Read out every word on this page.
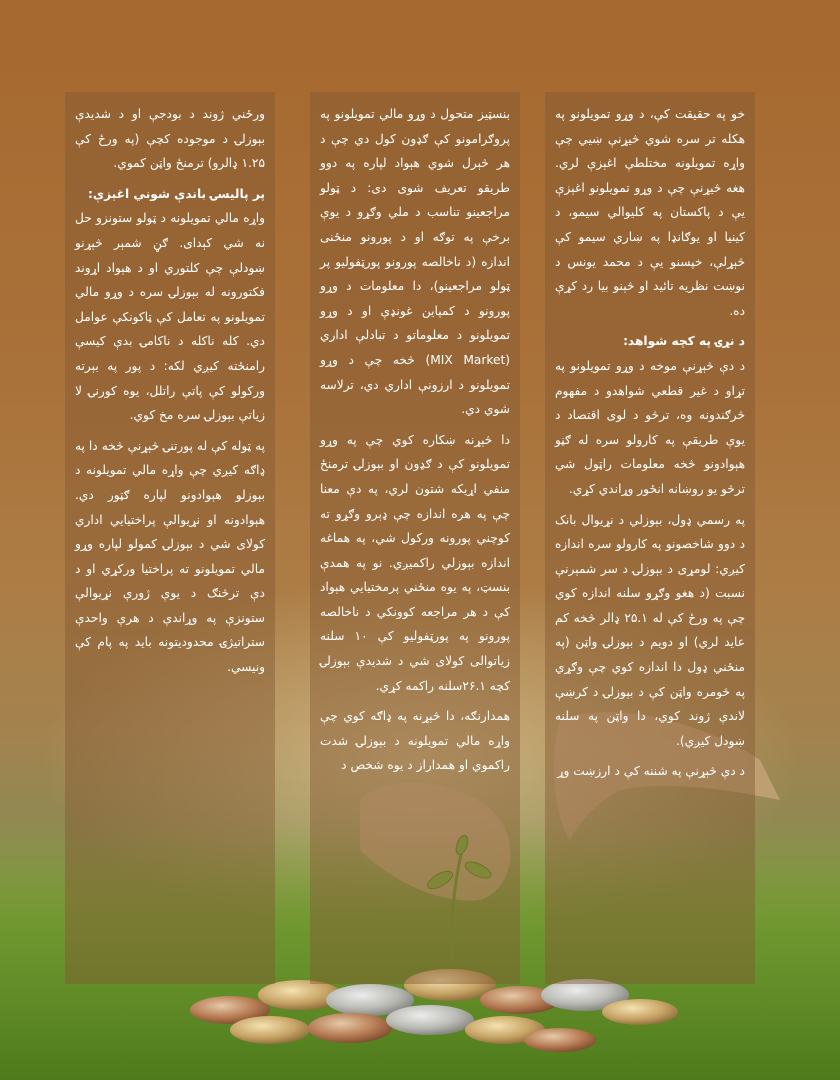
خو په حقیقت کې، د وړو تمویلونو په هکله تر سره شوي څیړنې ښيي چې واړه تمویلونه مختلطې اغېزې لري. هغه څیړنې چې د وړو تمویلونو اغېزې یې د پاکستان په کلیوالي سیمو، د کینیا او یوګانډا په ښاري سیمو کې څېړلې، خپسنو یې د محمد یونس د نوښت نظریه تائید او څېنو بیا رد کړې ده.

د نړۍ په کچه شواهد:

د دې څېړنې موخه د وړو تمویلونو په تړاو د غیر قطعي شواهدو د مفهوم څرګندونه وه، ترڅو د لوی اقتصاد د یوې طریقې په کارولو سره له ګڼو هېوادونو څخه معلومات راټول شي ترڅو یو روښانه انځور وړاندي کړي.

په رسمي ډول، بېوزلي د نړیوال بانک د دوو شاخصونو په کارولو سره اندازه کیږي: لومړی د بېوزلۍ د سر شمېرنې نسبت (د هغو وګړو سلنه اندازه کوي چې په ورځ کې له ۲۵.۱ ډالر څخه کم عاید لري) او دویم د بېوزلۍ واټن (په منځني ډول دا اندازه کوي چې وګړي په څومره واټن کې د بېوزلۍ د کرښې لاندې ژوند کوي، دا واټن په سلنه ښودل کیږي).

د دې څېړنې په شننه کې د ارزښت وړ

بنسټیز متحول د وړو مالي تمویلونو په پروګرامونو کې ګډون کول دي چې د هر څېرل شوي هېواد لپاره په دوو طریقو تعریف شوی دی: د ټولو مراجعینو تناسب د ملي وګړو د یوې برخې په توګه او د پورونو منځنی اندازه (د ناخالصه پورونو پورټفولیو پر ټولو مراجعینو)، دا معلومات د وړو پورونو د کمپاین غونډې او د وړو تمویلونو د معلوماتو د تبادلې اداري (MIX Market) څخه چې د وړو تمویلونو د ارزونې اداري دي، ترلاسه شوي دي.

دا څېړنه ښکاره کوي چې په وړو تمویلونو کې د ګډون او بېوزلۍ ترمنځ منفي اړیکه شتون لري، په دې معنا چې په هره اندازه چې ډېرو وګړو ته کوچني پورونه ورکول شي، په هماغه اندازه بېوزلي راکمیږي. نو په همدې بنسټ، په یوه منځني پرمختیایي هېواد کې د هر مراجعه کوونکي د ناخالصه پورونو په پورټفولیو کې ۱۰ سلنه زیاتوالی کولای شي د شدیدې بېوزلۍ کچه ۲۶.۱سلنه راکمه کړي.

همدارنګه، دا څېړنه په ډاګه کوي چې واړه مالي تمویلونه د بېوزلۍ شدت راکموي او همداراز د یوه شخص د

ورځني ژوند د بودجې او د شدیدې بېوزلۍ د موجوده کچې (په ورځ کې ۱.۲۵ ډالرو) ترمنځ واټن کموي.

پر پالیسۍ باندې شوني اغېزې:

واړه مالي تمویلونه د ټولو ستونزو حل نه شي کېدای. ګڼ شمېر څېړنو ښودلې چې کلتوري او د هېواد اړوند فکتورونه له بېوزلۍ سره د وړو مالي تمویلونو په تعامل کې ټاکونکې عوامل دي. کله ناکله د ناکامۍ بدې کیسې رامنځته کیږي لکه: د پور په بېرته ورکولو کې پاتې راتلل، یوه کورنۍ لا زیاتې بېوزلۍ سره مخ کوي.

په ټوله کې له پورتنۍ څېړنې څخه دا په ډاګه کیږي چې واړه مالي تمویلونه د بېوزلو هېوادونو لپاره ګټور دي. هېوادونه او نړیوالې پراختیایي اداري کولای شي د بېوزلۍ کمولو لپاره وړو مالي تمویلونو ته پراختیا ورکړي او د دې ترڅنګ د یوې ژورې نړیوالې ستونزې په وړاندې د هرې واحدې ستراتیژۍ محدودیتونه باید په پام کې ونیسي.
